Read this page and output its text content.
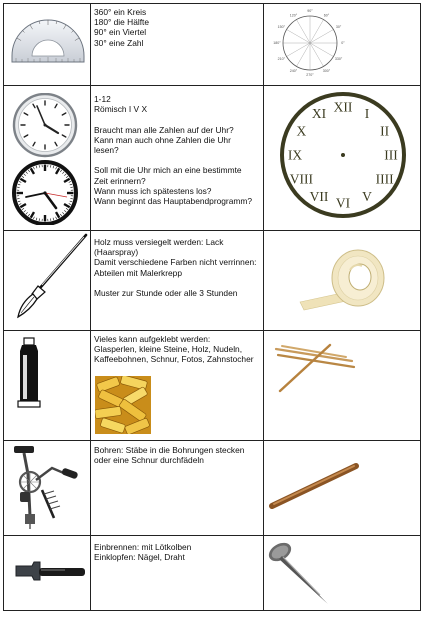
360° ein Kreis
180° die Hälfte
90° ein Viertel
30° eine Zahl	0°
30°
60°
90°
120°
150°
180°
210°
240°
270°
300°
330°
1-12
Römisch I V X

Braucht man alle Zahlen auf der Uhr?
Kann man auch ohne Zahlen die Uhr lesen?

Soll mit die Uhr mich an eine bestimmte Zeit erinnern?
Wann muss ich spätestens los?
Wann beginnt das Hauptabendprogramm?
XII I
II
III
IIII
V
VI
VII
VIII
IX
X
XI
Holz muss versiegelt werden: Lack (Haarspray)
Damit verschiedene Farben nicht verrinnen: Abteilen mit Malerkrepp

Muster zur Stunde oder alle 3 Stunden
Vieles kann aufgeklebt werden:
Glasperlen, kleine Steine, Holz, Nudeln, Kaffeebohnen, Schnur, Fotos, Zahnstocher
Bohren: Stäbe in die Bohrungen stecken oder eine Schnur durchfädeln
Einbrennen: mit Lötkolben
Einklopfen: Nägel, Draht
